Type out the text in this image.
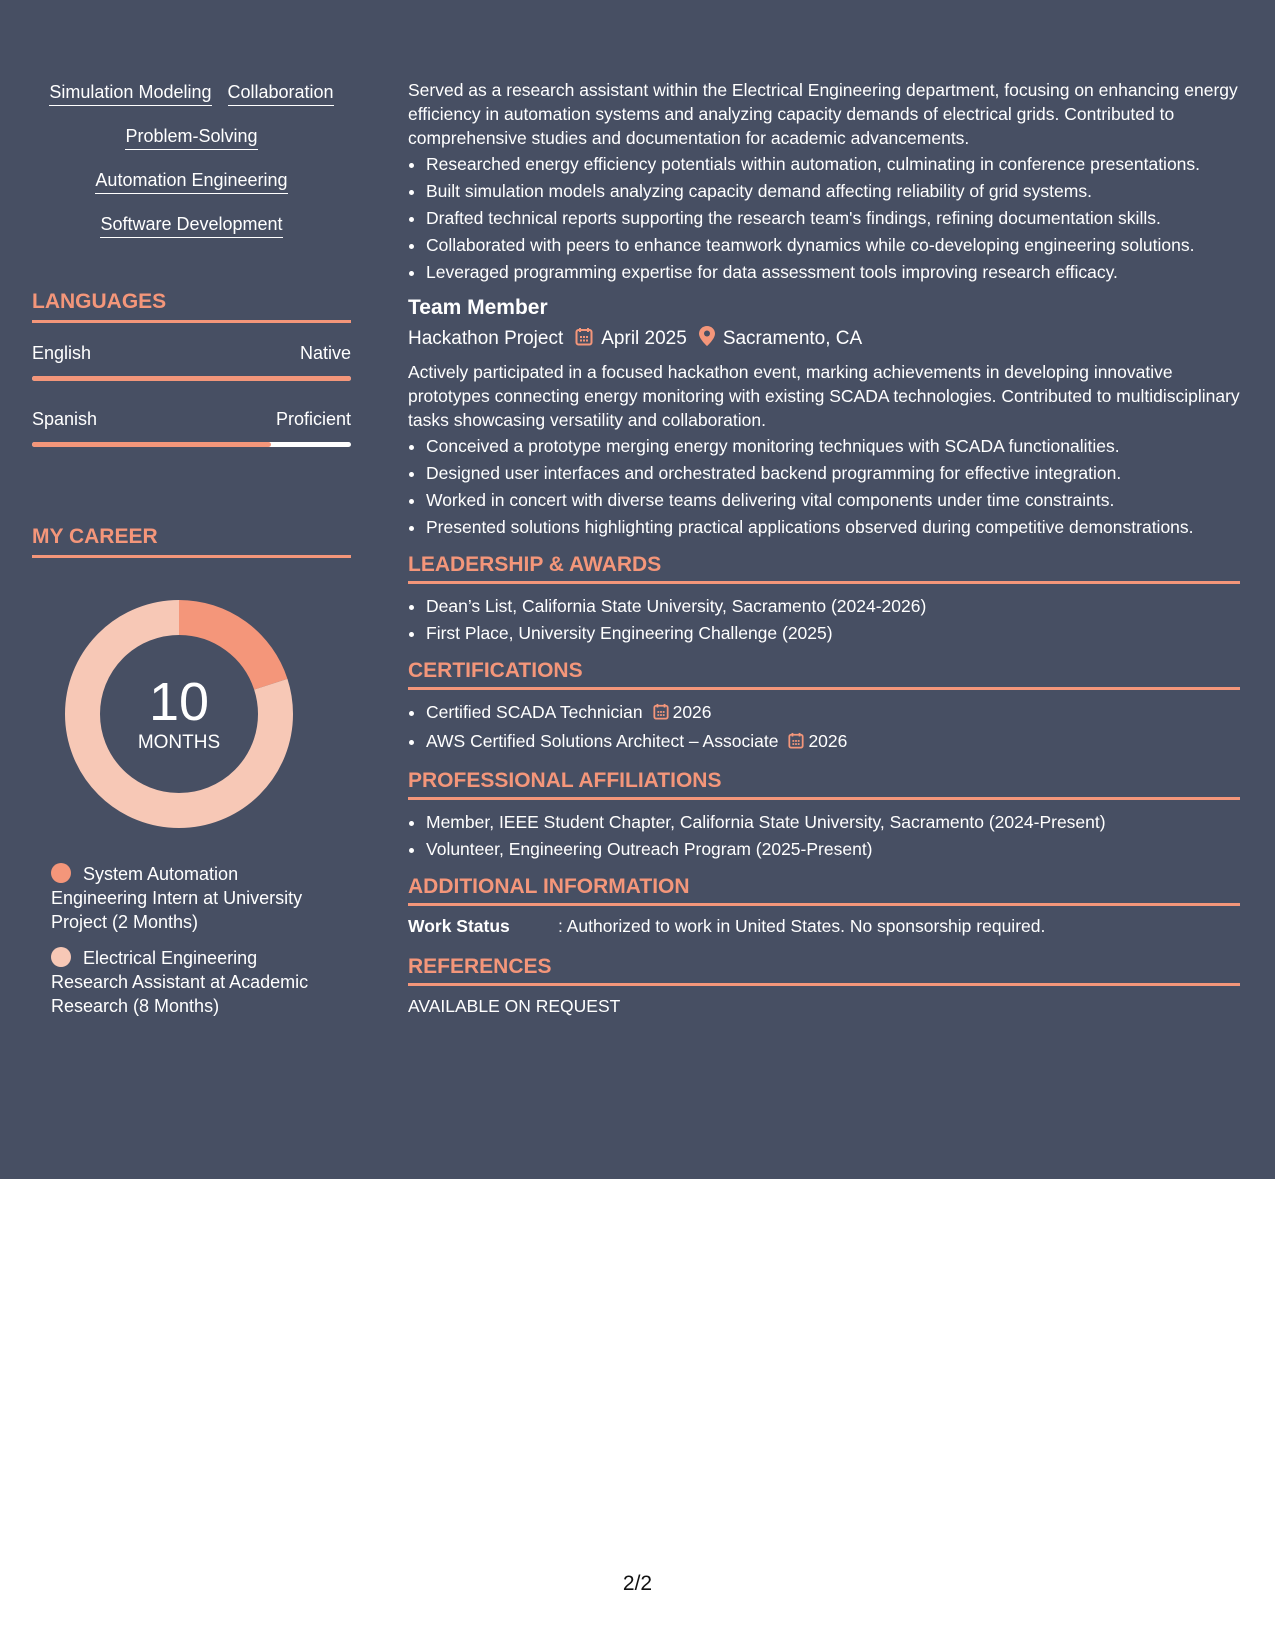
Simulation Modeling Collaboration
Problem-Solving
Automation Engineering
Software Development
LANGUAGES
English	Native
Spanish	Proficient
MY CAREER
10
MONTHS
System Automation Engineering Intern at University Project (2 Months)
Electrical Engineering Research Assistant at Academic Research (8 Months)

Served as a research assistant within the Electrical Engineering department, focusing on enhancing energy efficiency in automation systems and analyzing capacity demands of electrical grids. Contributed to comprehensive studies and documentation for academic advancements.

• Researched energy efficiency potentials within automation, culminating in conference presentations.
• Built simulation models analyzing capacity demand affecting reliability of grid systems.
• Drafted technical reports supporting the research team's findings, refining documentation skills.
• Collaborated with peers to enhance teamwork dynamics while co-developing engineering solutions.
• Leveraged programming expertise for data assessment tools improving research efficacy.
Team Member
Hackathon Project April 2025 Sacramento, CA

Actively participated in a focused hackathon event, marking achievements in developing innovative prototypes connecting energy monitoring with existing SCADA technologies. Contributed to multidisciplinary tasks showcasing versatility and collaboration.

• Conceived a prototype merging energy monitoring techniques with SCADA functionalities.
• Designed user interfaces and orchestrated backend programming for effective integration.
• Worked in concert with diverse teams delivering vital components under time constraints.
• Presented solutions highlighting practical applications observed during competitive demonstrations.
LEADERSHIP & AWARDS
• Dean’s List, California State University, Sacramento (2024-2026)
• First Place, University Engineering Challenge (2025)
CERTIFICATIONS
• Certified SCADA Technician 2026
• AWS Certified Solutions Architect – Associate 2026
PROFESSIONAL AFFILIATIONS
• Member, IEEE Student Chapter, California State University, Sacramento (2024-Present)
• Volunteer, Engineering Outreach Program (2025-Present)
ADDITIONAL INFORMATION
Work Status	: Authorized to work in United States. No sponsorship required.
REFERENCES
AVAILABLE ON REQUEST
2/2
